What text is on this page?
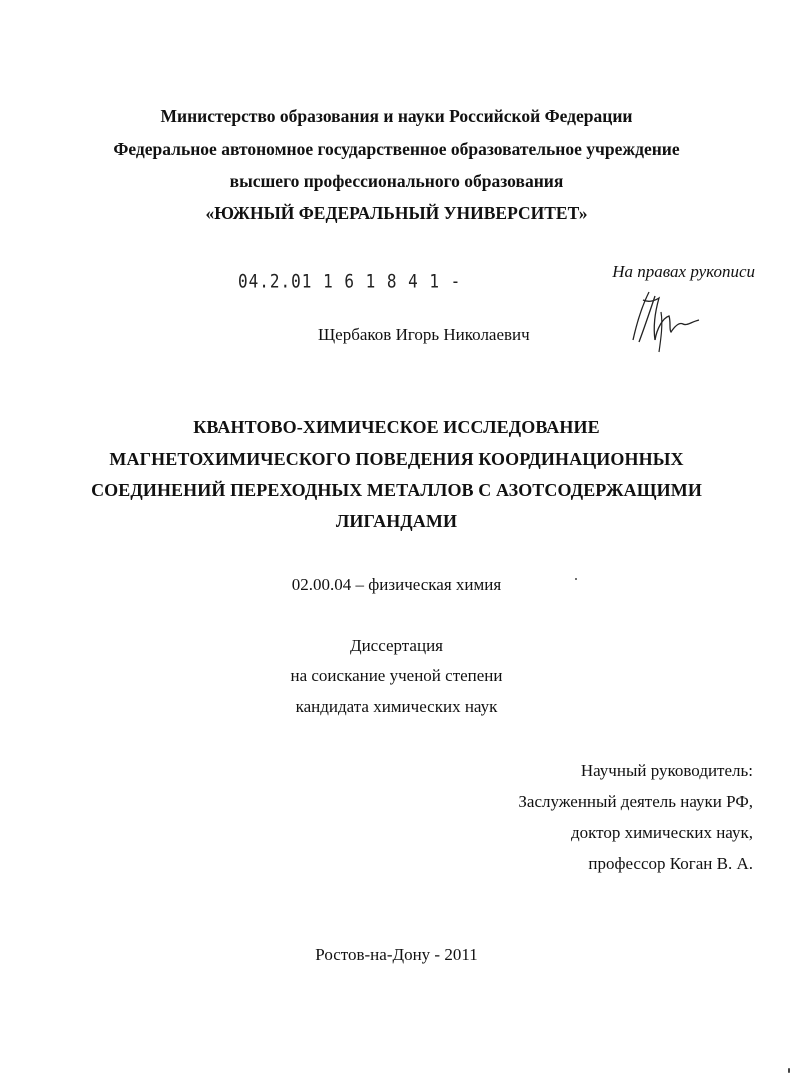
Министерство образования и науки Российской Федерации
Федеральное автономное государственное образовательное учреждение
высшего профессионального образования
«ЮЖНЫЙ ФЕДЕРАЛЬНЫЙ УНИВЕРСИТЕТ»
04.2.01 1 6 1 8 4 1 -	На правах рукописи
Щербаков Игорь Николаевич
КВАНТОВО-ХИМИЧЕСКОЕ ИССЛЕДОВАНИЕ
МАГНЕТОХИМИЧЕСКОГО ПОВЕДЕНИЯ КООРДИНАЦИОННЫХ
СОЕДИНЕНИЙ ПЕРЕХОДНЫХ МЕТАЛЛОВ С АЗОТСОДЕРЖАЩИМИ
ЛИГАНДАМИ
02.00.04 – физическая химия
Диссертация
на соискание ученой степени
кандидата химических наук
Научный руководитель:
Заслуженный деятель науки РФ,
доктор химических наук,
профессор Коган В. А.
Ростов-на-Дону - 2011
